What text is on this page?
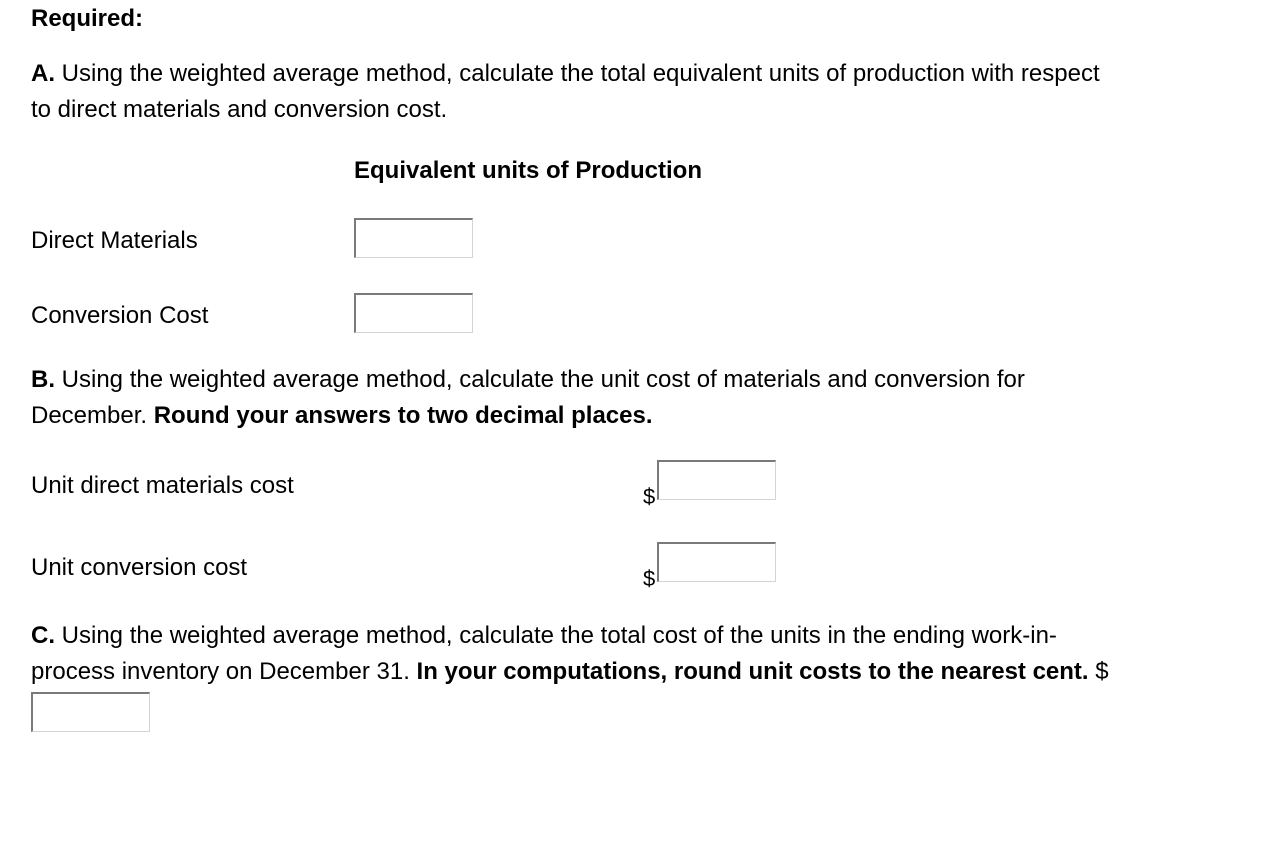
Required:
A. Using the weighted average method, calculate the total equivalent units of production with respect
to direct materials and conversion cost.
Equivalent units of Production
Direct Materials
Conversion Cost
B. Using the weighted average method, calculate the unit cost of materials and conversion for
December. Round your answers to two decimal places.
Unit direct materials cost	$
Unit conversion cost	$
C. Using the weighted average method, calculate the total cost of the units in the ending work-in-
process inventory on December 31. In your computations, round unit costs to the nearest cent. $
